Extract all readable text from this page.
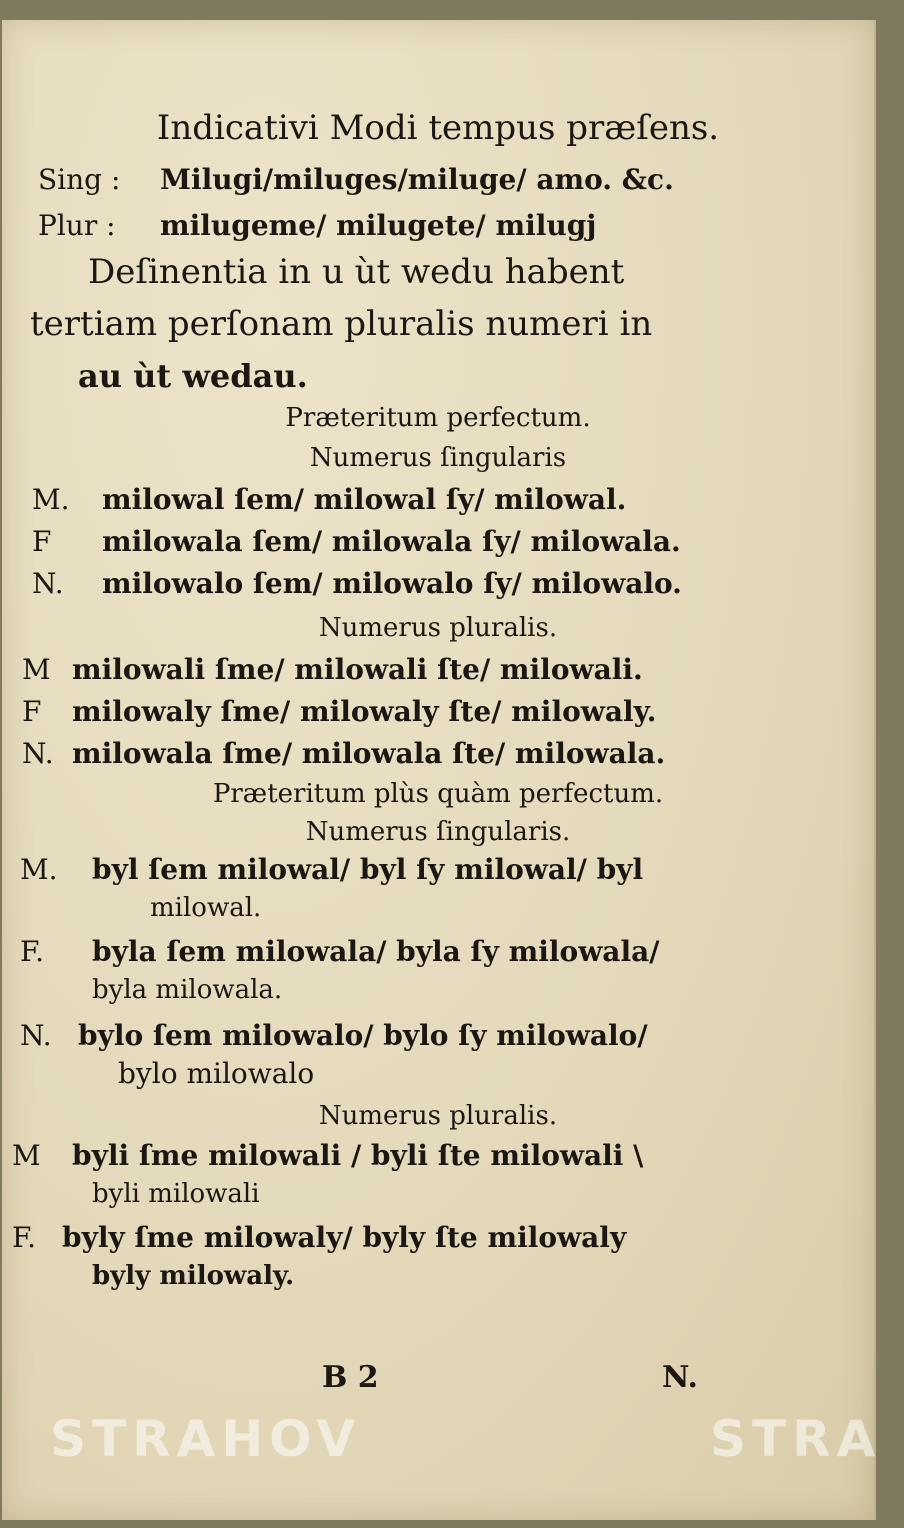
Indicativi Modi tempus præſens.
Sing : Milugi/miluges/miluge/ amo. &c.
Plur : milugeme/ milugete/ milugj
Deſinentia in u ùt wedu habent
tertiam perſonam pluralis numeri in
au ùt wedau.
Præteritum perfectum.
Numerus ſingularis
M. milowal ſem/ milowal ſy/ milowal.
F milowala ſem/ milowala ſy/ milowala.
N. milowalo ſem/ milowalo ſy/ milowalo.
Numerus pluralis.
M milowali ſme/ milowali ſte/ milowali.
F milowaly ſme/ milowaly ſte/ milowaly.
N. milowala ſme/ milowala ſte/ milowala.
Præteritum plùs quàm perfectum.
Numerus ſingularis.
M. byl ſem milowal/ byl ſy milowal/ byl
milowal.
F. byla ſem milowala/ byla ſy milowala/
byla milowala.
N. bylo ſem milowalo/ bylo ſy milowalo/
bylo milowalo
Numerus pluralis.
M byli ſme milowali / byli ſte milowali \
byli milowali
F. byly ſme milowaly/ byly ſte milowaly
byly milowaly.
B 2	N.
STRAHOV	STRA
